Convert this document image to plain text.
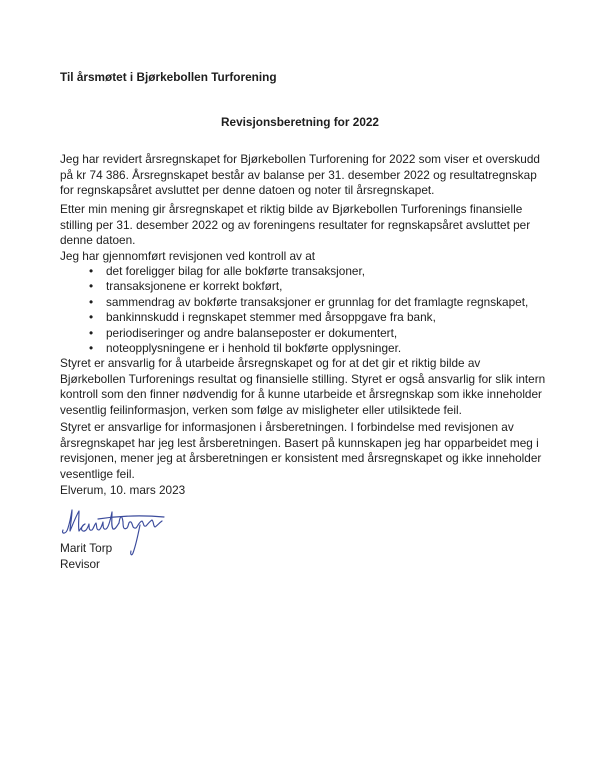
Til årsmøtet i Bjørkebollen Turforening
Revisjonsberetning for 2022
Jeg har revidert årsregnskapet for Bjørkebollen Turforening for 2022 som viser et overskudd
på kr 74 386. Årsregnskapet består av balanse per 31. desember 2022 og resultatregnskap
for regnskapsåret avsluttet per denne datoen og noter til årsregnskapet.
Etter min mening gir årsregnskapet et riktig bilde av Bjørkebollen Turforenings finansielle
stilling per 31. desember 2022 og av foreningens resultater for regnskapsåret avsluttet per
denne datoen.
Jeg har gjennomført revisjonen ved kontroll av at
• det foreligger bilag for alle bokførte transaksjoner,
• transaksjonene er korrekt bokført,
• sammendrag av bokførte transaksjoner er grunnlag for det framlagte regnskapet,
• bankinnskudd i regnskapet stemmer med årsoppgave fra bank,
• periodiseringer og andre balanseposter er dokumentert,
• noteopplysningene er i henhold til bokførte opplysninger.
Styret er ansvarlig for å utarbeide årsregnskapet og for at det gir et riktig bilde av
Bjørkebollen Turforenings resultat og finansielle stilling. Styret er også ansvarlig for slik intern
kontroll som den finner nødvendig for å kunne utarbeide et årsregnskap som ikke inneholder
vesentlig feilinformasjon, verken som følge av misligheter eller utilsiktede feil.
Styret er ansvarlige for informasjonen i årsberetningen. I forbindelse med revisjonen av
årsregnskapet har jeg lest årsberetningen. Basert på kunnskapen jeg har opparbeidet meg i
revisjonen, mener jeg at årsberetningen er konsistent med årsregnskapet og ikke inneholder
vesentlige feil.
Elverum, 10. mars 2023
Marit Torp
Revisor
